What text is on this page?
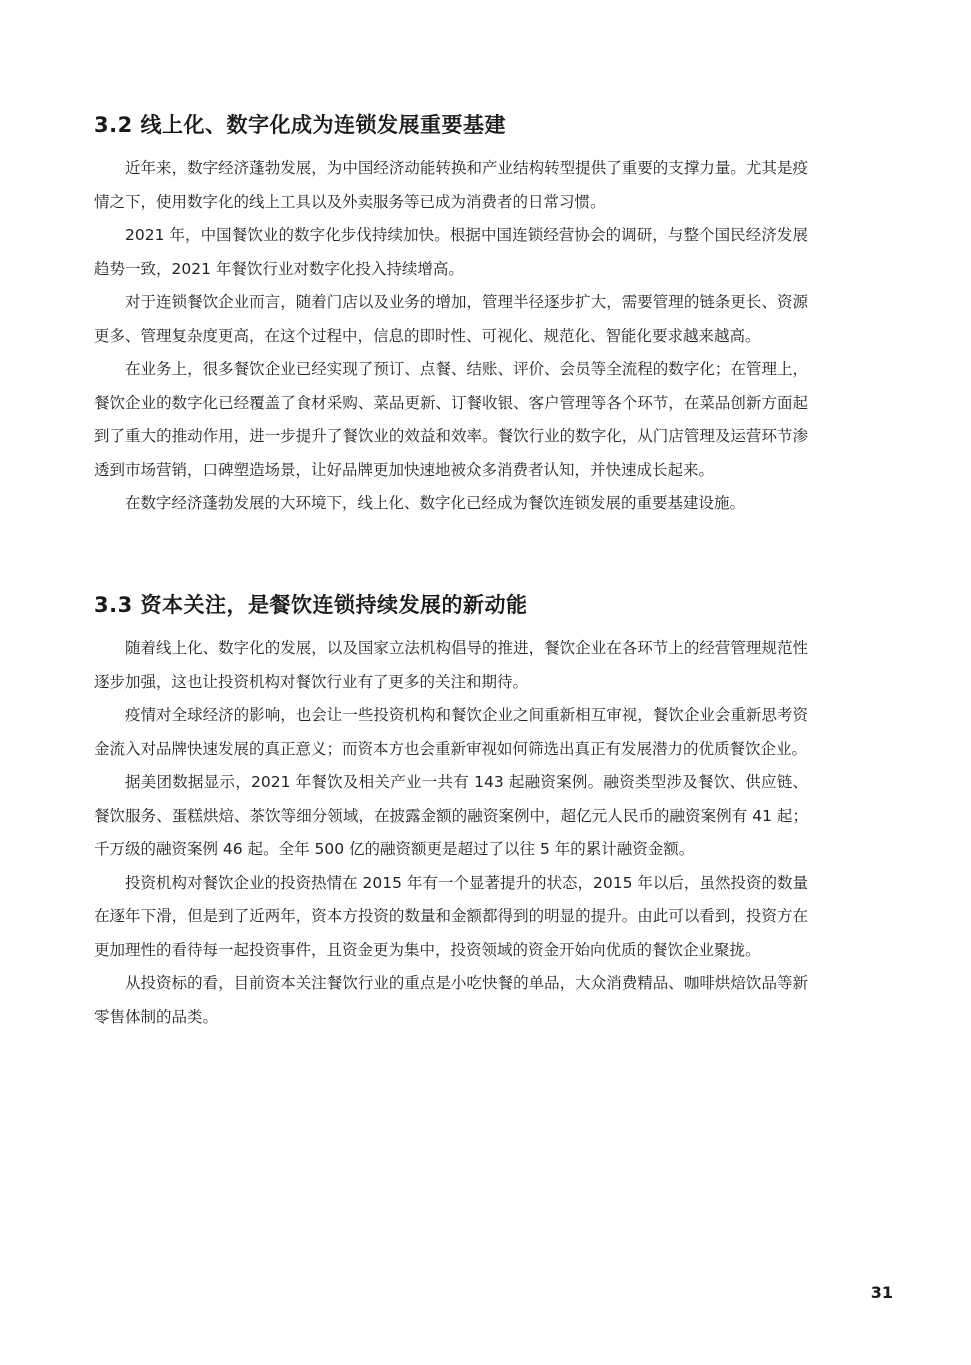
3.2 线上化、数字化成为连锁发展重要基建

近年来，数字经济蓬勃发展，为中国经济动能转换和产业结构转型提供了重要的支撑力量。尤其是疫情之下，使用数字化的线上工具以及外卖服务等已成为消费者的日常习惯。

2021 年，中国餐饮业的数字化步伐持续加快。根据中国连锁经营协会的调研，与整个国民经济发展趋势一致，2021 年餐饮行业对数字化投入持续增高。

对于连锁餐饮企业而言，随着门店以及业务的增加，管理半径逐步扩大，需要管理的链条更长、资源更多、管理复杂度更高，在这个过程中，信息的即时性、可视化、规范化、智能化要求越来越高。

在业务上，很多餐饮企业已经实现了预订、点餐、结账、评价、会员等全流程的数字化；在管理上，餐饮企业的数字化已经覆盖了食材采购、菜品更新、订餐收银、客户管理等各个环节，在菜品创新方面起到了重大的推动作用，进一步提升了餐饮业的效益和效率。餐饮行业的数字化，从门店管理及运营环节渗透到市场营销，口碑塑造场景，让好品牌更加快速地被众多消费者认知，并快速成长起来。

在数字经济蓬勃发展的大环境下，线上化、数字化已经成为餐饮连锁发展的重要基建设施。

3.3 资本关注，是餐饮连锁持续发展的新动能

随着线上化、数字化的发展，以及国家立法机构倡导的推进，餐饮企业在各环节上的经营管理规范性逐步加强，这也让投资机构对餐饮行业有了更多的关注和期待。

疫情对全球经济的影响，也会让一些投资机构和餐饮企业之间重新相互审视，餐饮企业会重新思考资金流入对品牌快速发展的真正意义；而资本方也会重新审视如何筛选出真正有发展潜力的优质餐饮企业。

据美团数据显示，2021 年餐饮及相关产业一共有 143 起融资案例。融资类型涉及餐饮、供应链、餐饮服务、蛋糕烘焙、茶饮等细分领域，在披露金额的融资案例中，超亿元人民币的融资案例有 41 起；千万级的融资案例 46 起。全年 500 亿的融资额更是超过了以往 5 年的累计融资金额。

投资机构对餐饮企业的投资热情在 2015 年有一个显著提升的状态，2015 年以后，虽然投资的数量在逐年下滑，但是到了近两年，资本方投资的数量和金额都得到的明显的提升。由此可以看到，投资方在更加理性的看待每一起投资事件，且资金更为集中，投资领域的资金开始向优质的餐饮企业聚拢。

从投资标的看，目前资本关注餐饮行业的重点是小吃快餐的单品，大众消费精品、咖啡烘焙饮品等新零售体制的品类。

31
